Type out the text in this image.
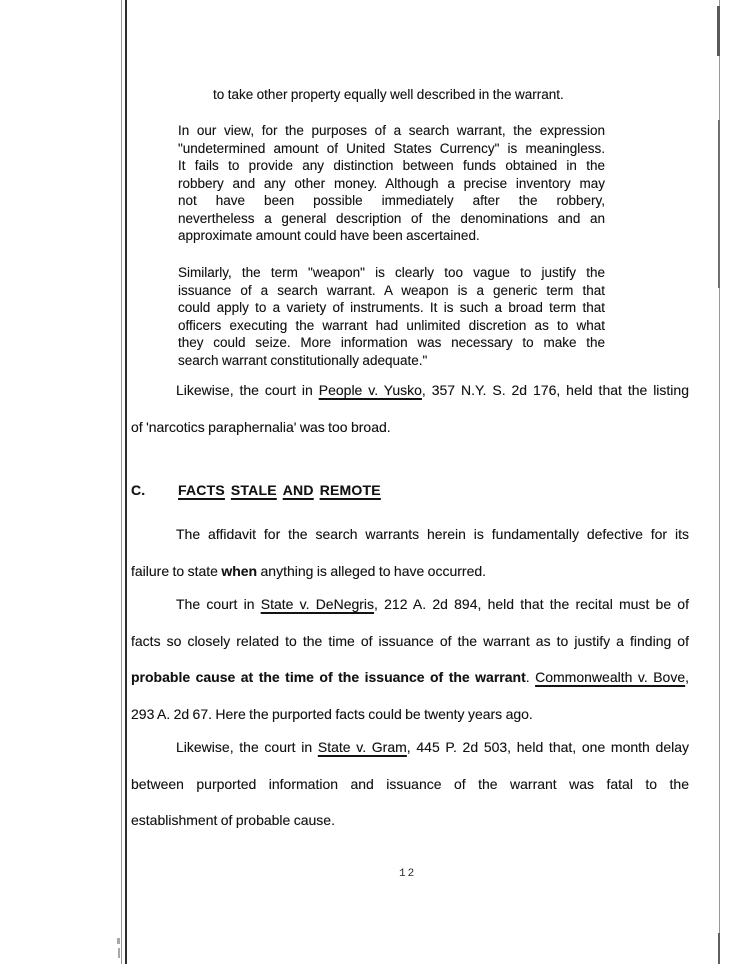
to take other property equally well described in the warrant.
In our view, for the purposes of a search warrant, the expression
"undetermined amount of United States Currency" is meaningless.
It fails to provide any distinction between funds obtained in the
robbery and any other money. Although a precise inventory may
not have been possible immediately after the robbery,
nevertheless a general description of the denominations and an
approximate amount could have been ascertained.
Similarly, the term "weapon" is clearly too vague to justify the
issuance of a search warrant. A weapon is a generic term that
could apply to a variety of instruments. It is such a broad term that
officers executing the warrant had unlimited discretion as to what
they could seize. More information was necessary to make the
search warrant constitutionally adequate."
Likewise, the court in People v. Yusko, 357 N.Y. S. 2d 176, held that the listing
of 'narcotics paraphernalia' was too broad.
C. FACTS STALE AND REMOTE
The affidavit for the search warrants herein is fundamentally defective for its
failure to state when anything is alleged to have occurred.
The court in State v. DeNegris, 212 A. 2d 894, held that the recital must be of
facts so closely related to the time of issuance of the warrant as to justify a finding of
probable cause at the time of the issuance of the warrant. Commonwealth v. Bove,
293 A. 2d 67. Here the purported facts could be twenty years ago.
Likewise, the court in State v. Gram, 445 P. 2d 503, held that, one month delay
between purported information and issuance of the warrant was fatal to the
establishment of probable cause.
12
